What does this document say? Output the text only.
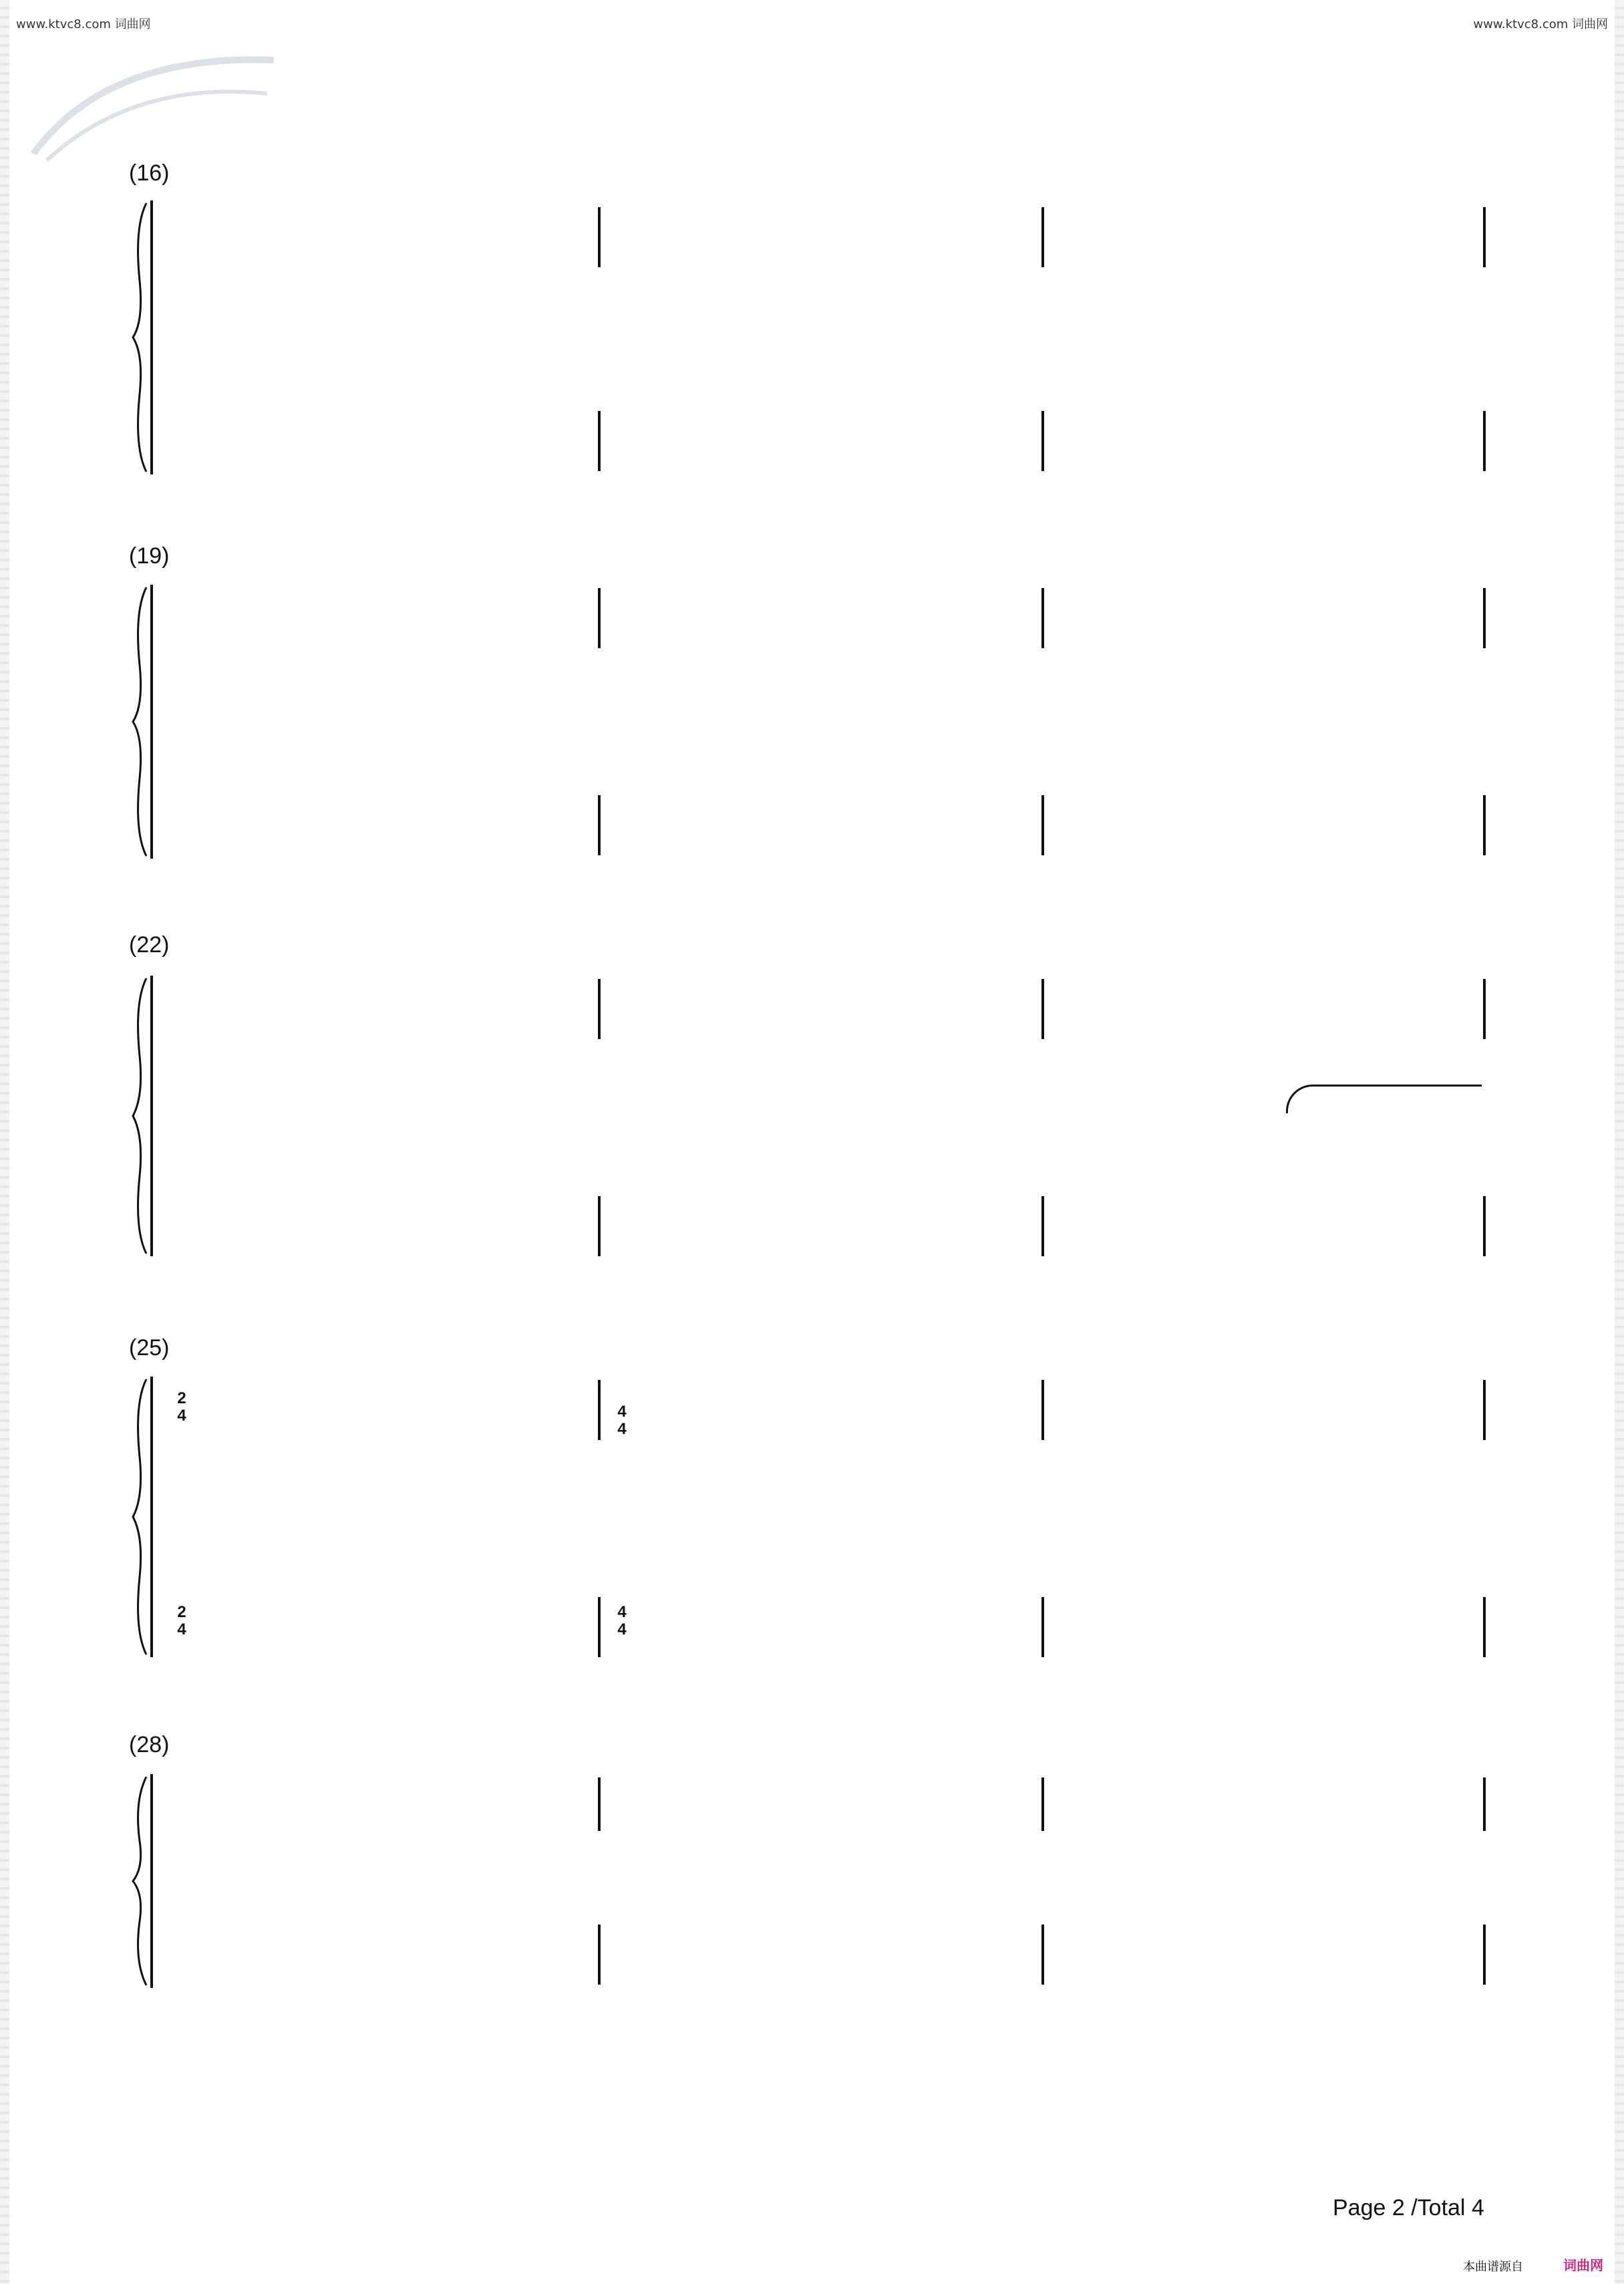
www.ktvc8.com 词曲网	www.ktvc8.com 词曲网
(16)
(19)
(22)
(25)
(28)
2
4	4
4
2
4
4
4
Page 2 /Total 4
本曲谱源自	词曲网
